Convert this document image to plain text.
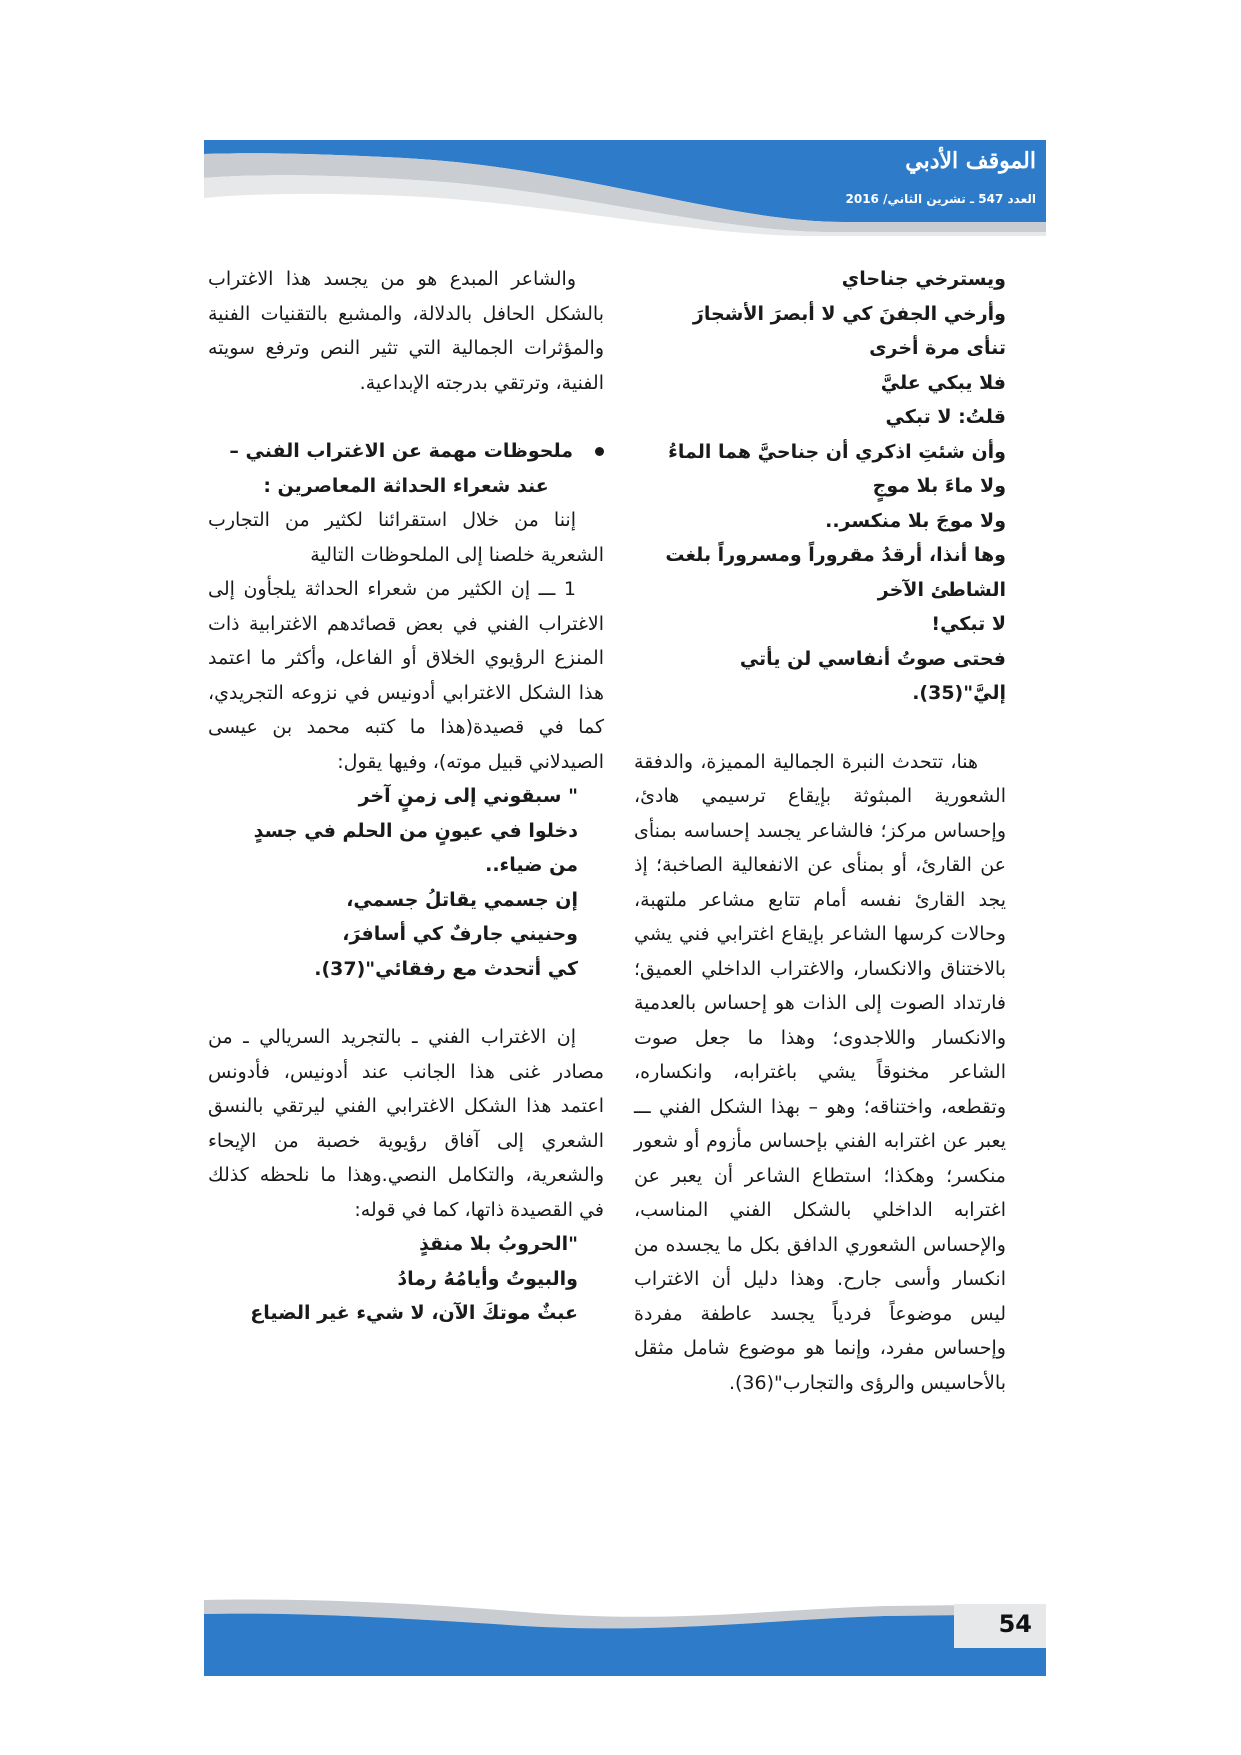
الموقف الأدبي
العدد 547 ـ تشرين الثاني/ 2016

ويسترخي جناحاي

وأرخي الجفنَ كي لا أبصرَ الأشجارَ

تنأى مرة أخرى

فلا يبكي عليَّ

قلتُ: لا تبكي

وأن شئتِ اذكري أن جناحيَّ هما الماءُ

ولا ماءَ بلا موجٍ

ولا موجَ بلا منكسر..

وها أنذا، أرقدُ مقروراً ومسروراً بلغت

الشاطئ الآخر

لا تبكي!

فحتى صوتُ أنفاسي لن يأتي

إليَّ"(35).

هنا، تتحدث النبرة الجمالية المميزة، والدفقة الشعورية المبثوثة بإيقاع ترسيمي هادئ، وإحساس مركز؛ فالشاعر يجسد إحساسه بمنأى عن القارئ، أو بمنأى عن الانفعالية الصاخبة؛ إذ يجد القارئ نفسه أمام تتابع مشاعر ملتهبة، وحالات كرسها الشاعر بإيقاع اغترابي فني يشي بالاختناق والانكسار، والاغتراب الداخلي العميق؛ فارتداد الصوت إلى الذات هو إحساس بالعدمية والانكسار واللاجدوى؛ وهذا ما جعل صوت الشاعر مخنوقاً يشي باغترابه، وانكساره، وتقطعه، واختناقه؛ وهو – بهذا الشكل الفني ـــ يعبر عن اغترابه الفني بإحساس مأزوم أو شعور منكسر؛ وهكذا؛ استطاع الشاعر أن يعبر عن اغترابه الداخلي بالشكل الفني المناسب، والإحساس الشعوري الدافق بكل ما يجسده من انكسار وأسى جارح. وهذا دليل أن الاغتراب ليس موضوعاً فردياً يجسد عاطفة مفردة وإحساس مفرد، وإنما هو موضوع شامل مثقل بالأحاسيس والرؤى والتجارب"(36).

والشاعر المبدع هو من يجسد هذا الاغتراب بالشكل الحافل بالدلالة، والمشبع بالتقنيات الفنية والمؤثرات الجمالية التي تثير النص وترفع سويته الفنية، وترتقي بدرجته الإبداعية.

ملحوظات مهمة عن الاغتراب الفني –

عند شعراء الحداثة المعاصرين :

إننا من خلال استقرائنا لكثير من التجارب الشعرية خلصنا إلى الملحوظات التالية

1 ـــ إن الكثير من شعراء الحداثة يلجأون إلى الاغتراب الفني في بعض قصائدهم الاغترابية ذات المنزع الرؤيوي الخلاق أو الفاعل، وأكثر ما اعتمد هذا الشكل الاغترابي أدونيس في نزوعه التجريدي، كما في قصيدة(هذا ما كتبه محمد بن عيسى الصيدلاني قبيل موته)، وفيها يقول:

" سبقوني إلى زمنٍ آخر

دخلوا في عيونٍ من الحلم في جسدٍ

من ضياء..

إن جسمي يقاتلُ جسمي،

وحنيني جارفٌ كي أسافرَ،

كي أتحدث مع رفقائي"(37).

إن الاغتراب الفني ـ بالتجريد السريالي ـ من مصادر غنى هذا الجانب عند أدونيس، فأدونس اعتمد هذا الشكل الاغترابي الفني ليرتقي بالنسق الشعري إلى آفاق رؤيوية خصبة من الإيحاء والشعرية، والتكامل النصي.وهذا ما نلحظه كذلك في القصيدة ذاتها، كما في قوله:

"الحروبُ بلا منقذٍ

والبيوتُ وأيامُهُ رمادُ

عبثٌ موتكَ الآن، لا شيء غير الضياع

54
